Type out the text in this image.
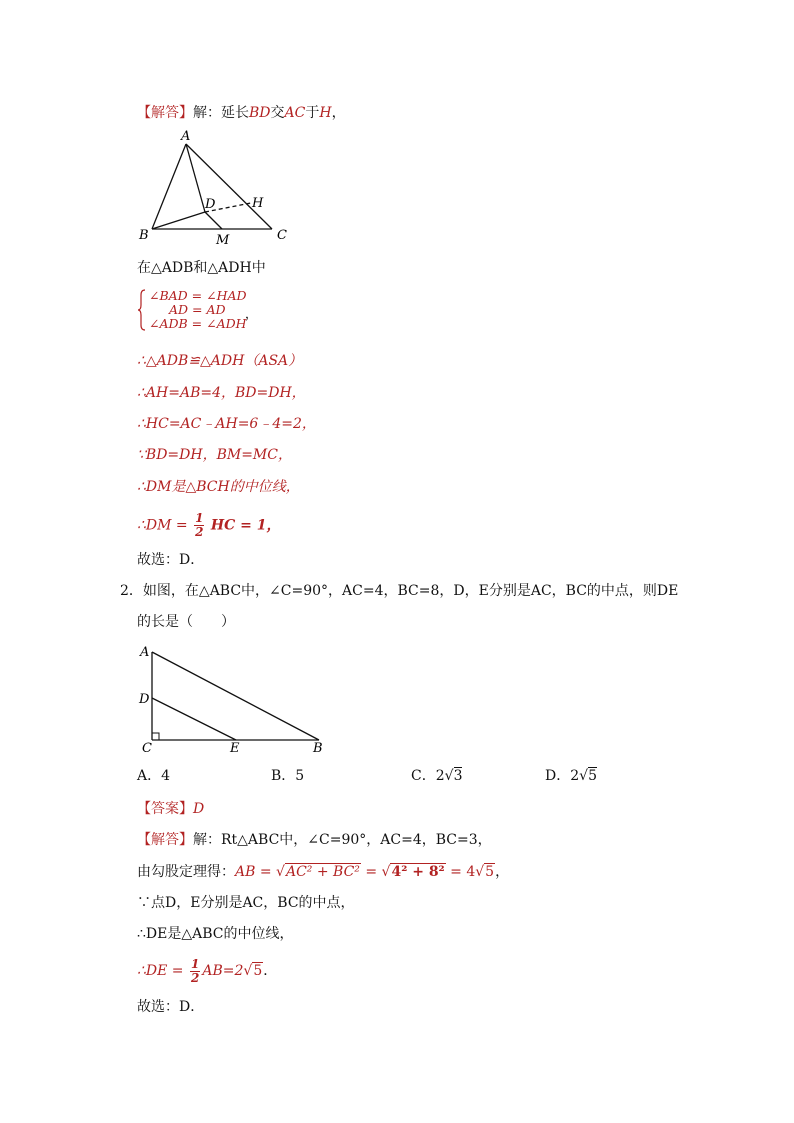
【解答】解：延长BD交AC于H，
A
B	C
D	H
M
在△ADB和△ADH中
∠BAD = ∠HAD
AD = AD
∠ADB = ∠ADH
，
∴△ADB≌△ADH（ASA）
∴AH=AB=4，BD=DH，
∴HC=AC﹣AH=6﹣4=2，
∵BD=DH，BM=MC，
∴DM是△BCH的中位线，
∴DM = $\frac{1}{2}$ HC = 1，
故选：D．
2．如图，在△ABC中，∠C=90°，AC=4，BC=8，D，E分别是AC，BC的中点，则DE
的长是（　　）
A
D
C	E	B
A．4	B．5	C．2√3	D．2√5
【答案】D
【解答】解：Rt△ABC中，∠C=90°，AC=4，BC=3，
由勾股定理得：AB = √AC² + BC² = √4² + 8² = 4√5，
∵点D，E分别是AC，BC的中点，
∴DE是△ABC的中位线，
∴DE = $\frac{1}{2} AB=2√5$．
故选：D．
